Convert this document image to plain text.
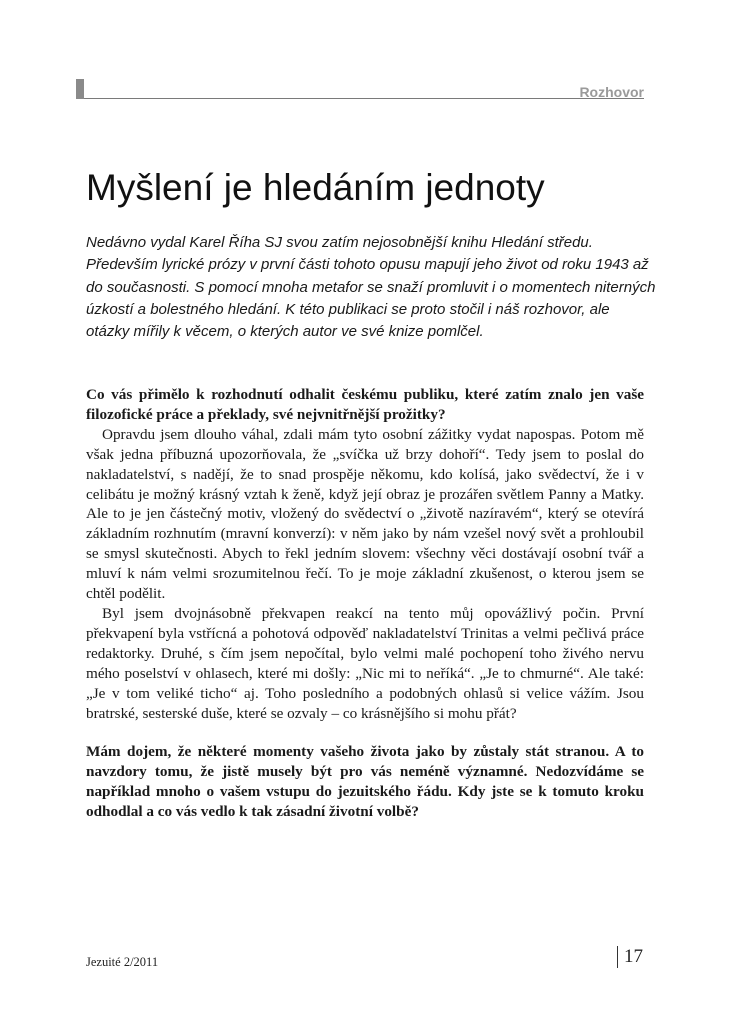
Rozhovor
Myšlení je hledáním jednoty

Nedávno vydal Karel Říha SJ svou zatím nejosobnější knihu Hledání středu. Především lyrické prózy v první části tohoto opusu mapují jeho život od roku 1943 až do současnosti. S pomocí mnoha metafor se snaží promluvit i o momentech niterných úzkostí a bolestného hledání. K této publikaci se proto stočil i náš rozhovor, ale otázky mířily k věcem, o kterých autor ve své knize pomlčel.

Co vás přimělo k rozhodnutí odhalit českému publiku, které zatím znalo jen vaše filozofické práce a překlady, své nejvnitřnější prožitky?

Opravdu jsem dlouho váhal, zdali mám tyto osobní zážitky vydat napospas. Potom mě však jedna příbuzná upozorňovala, že „svíčka už brzy dohoří“. Tedy jsem to poslal do nakladatelství, s nadějí, že to snad prospěje někomu, kdo kolísá, jako svědectví, že i v celibátu je možný krásný vztah k ženě, když její obraz je prozářen světlem Panny a Matky. Ale to je jen částečný motiv, vložený do svědectví o „životě nazíravém“, který se otevírá základním rozhnutím (mravní konverzí): v něm jako by nám vzešel nový svět a prohloubil se smysl skutečnosti. Abych to řekl jedním slovem: všechny věci dostávají osobní tvář a mluví k nám velmi srozumitelnou řečí. To je moje základní zkušenost, o kterou jsem se chtěl podělit.

Byl jsem dvojnásobně překvapen reakcí na tento můj opovážlivý počin. První překvapení byla vstřícná a pohotová odpověď nakladatelství Trinitas a velmi pečlivá práce redaktorky. Druhé, s čím jsem nepočítal, bylo velmi malé pochopení toho živého nervu mého poselství v ohlasech, které mi došly: „Nic mi to neříká“. „Je to chmurné“. Ale také: „Je v tom veliké ticho“ aj. Toho posledního a podobných ohlasů si velice vážím. Jsou bratrské, sesterské duše, které se ozvaly – co krásnějšího si mohu přát?

Mám dojem, že některé momenty vašeho života jako by zůstaly stát stranou. A to navzdory tomu, že jistě musely být pro vás neméně významné. Nedozvídáme se například mnoho o vašem vstupu do jezuitského řádu. Kdy jste se k tomuto kroku odhodlal a co vás vedlo k tak zásadní životní volbě?

Jezuité 2/2011	17
